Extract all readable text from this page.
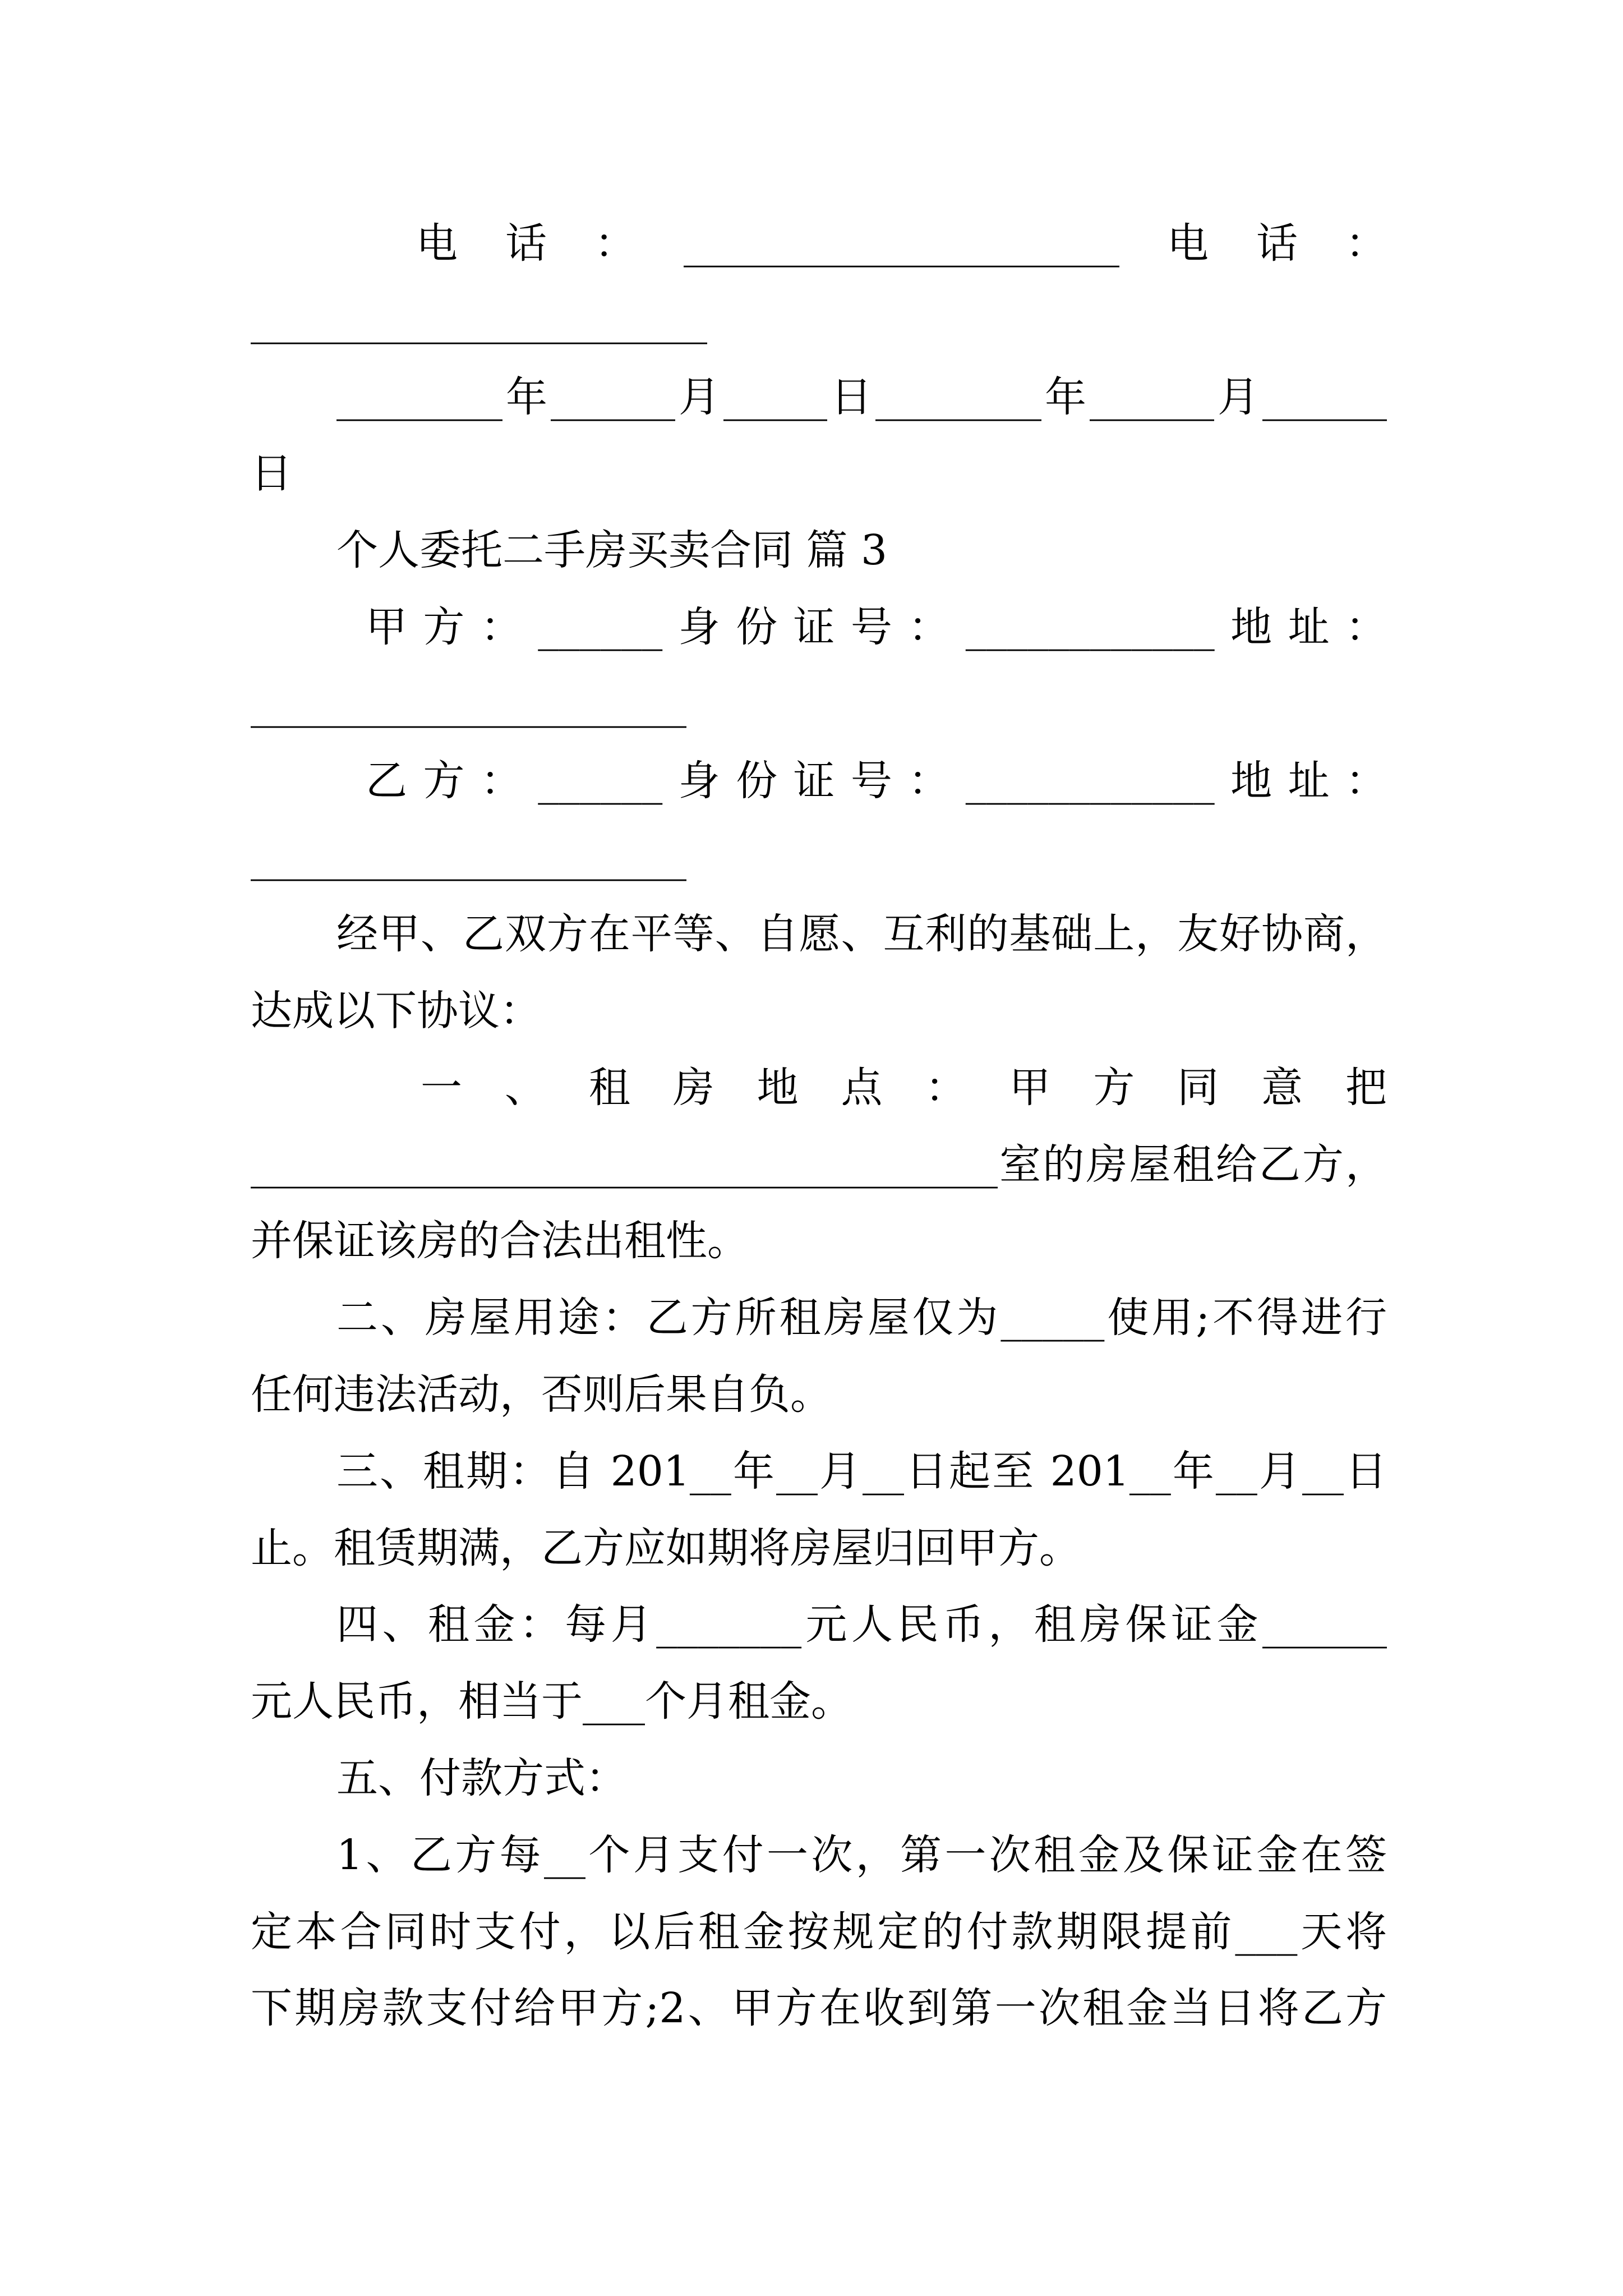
电话：_____________________电话：
______________________
________年______月_____日________年______月______
日
个人委托二手房买卖合同 篇 3
甲方：______身份证号：____________地址：
_____________________
乙方：______身份证号：____________地址：
_____________________
经甲、乙双方在平等、自愿、互利的基础上，友好协商，
达成以下协议：
一、租房地点：甲方同意把
____________________________________室的房屋租给乙方，
并保证该房的合法出租性。
二、房屋用途：乙方所租房屋仅为_____使用;不得进行
任何违法活动，否则后果自负。
三、租期：自 201__年__月__日起至 201__年__月__日
止。租赁期满，乙方应如期将房屋归回甲方。
四、租金：每月_______元人民币，租房保证金______
元人民币，相当于___个月租金。
五、付款方式：
1、乙方每__个月支付一次，第一次租金及保证金在签
定本合同时支付，以后租金按规定的付款期限提前___天将
下期房款支付给甲方;2、甲方在收到第一次租金当日将乙方
